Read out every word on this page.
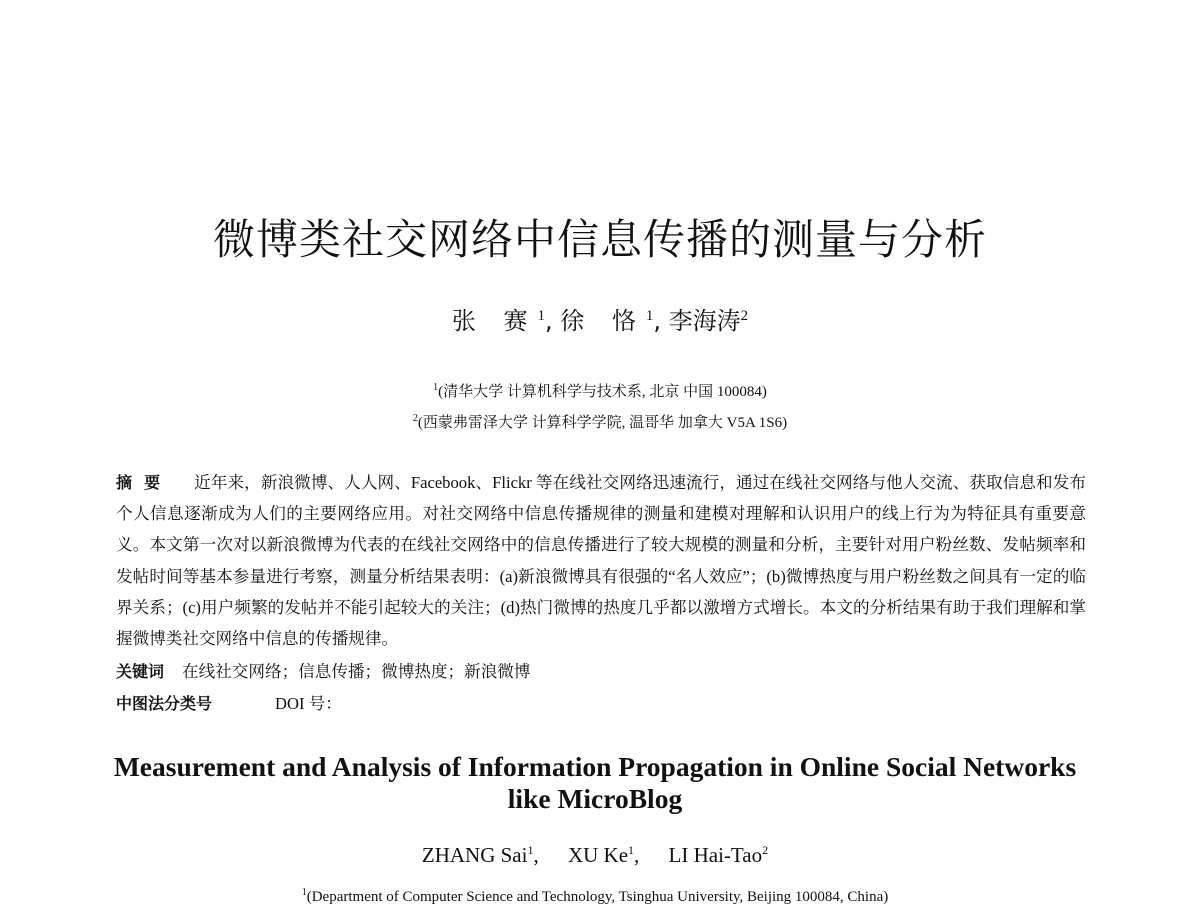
微博类社交网络中信息传播的测量与分析
张 赛$^1$, 徐 恪$^1$, 李海涛$^2$
$^1$(清华大学 计算机科学与技术系, 北京 中国 100084)
$^2$(西蒙弗雷泽大学 计算科学学院, 温哥华 加拿大 V5A 1S6)
摘要 近年来，新浪微博、人人网、Facebook、Flickr 等在线社交网络迅速流行，通过在线社交网络与他人交流、获取信息和发布个人信息逐渐成为人们的主要网络应用。对社交网络中信息传播规律的测量和建模对理解和认识用户的线上行为为特征具有重要意义。本文第一次对以新浪微博为代表的在线社交网络中的信息传播进行了较大规模的测量和分析，主要针对用户粉丝数、发帖频率和发帖时间等基本参量进行考察，测量分析结果表明：(a)新浪微博具有很强的“名人效应”；(b)微博热度与用户粉丝数之间具有一定的临界关系；(c)用户频繁的发帖并不能引起较大的关注；(d)热门微博的热度几乎都以激增方式增长。本文的分析结果有助于我们理解和掌握微博类社交网络中信息的传播规律。
关键词 在线社交网络；信息传播；微博热度；新浪微博
中图法分类号	DOI 号：
Measurement and Analysis of Information Propagation in Online Social Networks like MicroBlog
ZHANG Sai$^1$, XU Ke$^1$, LI Hai-Tao$^2$
$^1$(Department of Computer Science and Technology, Tsinghua University, Beijing 100084, China)
